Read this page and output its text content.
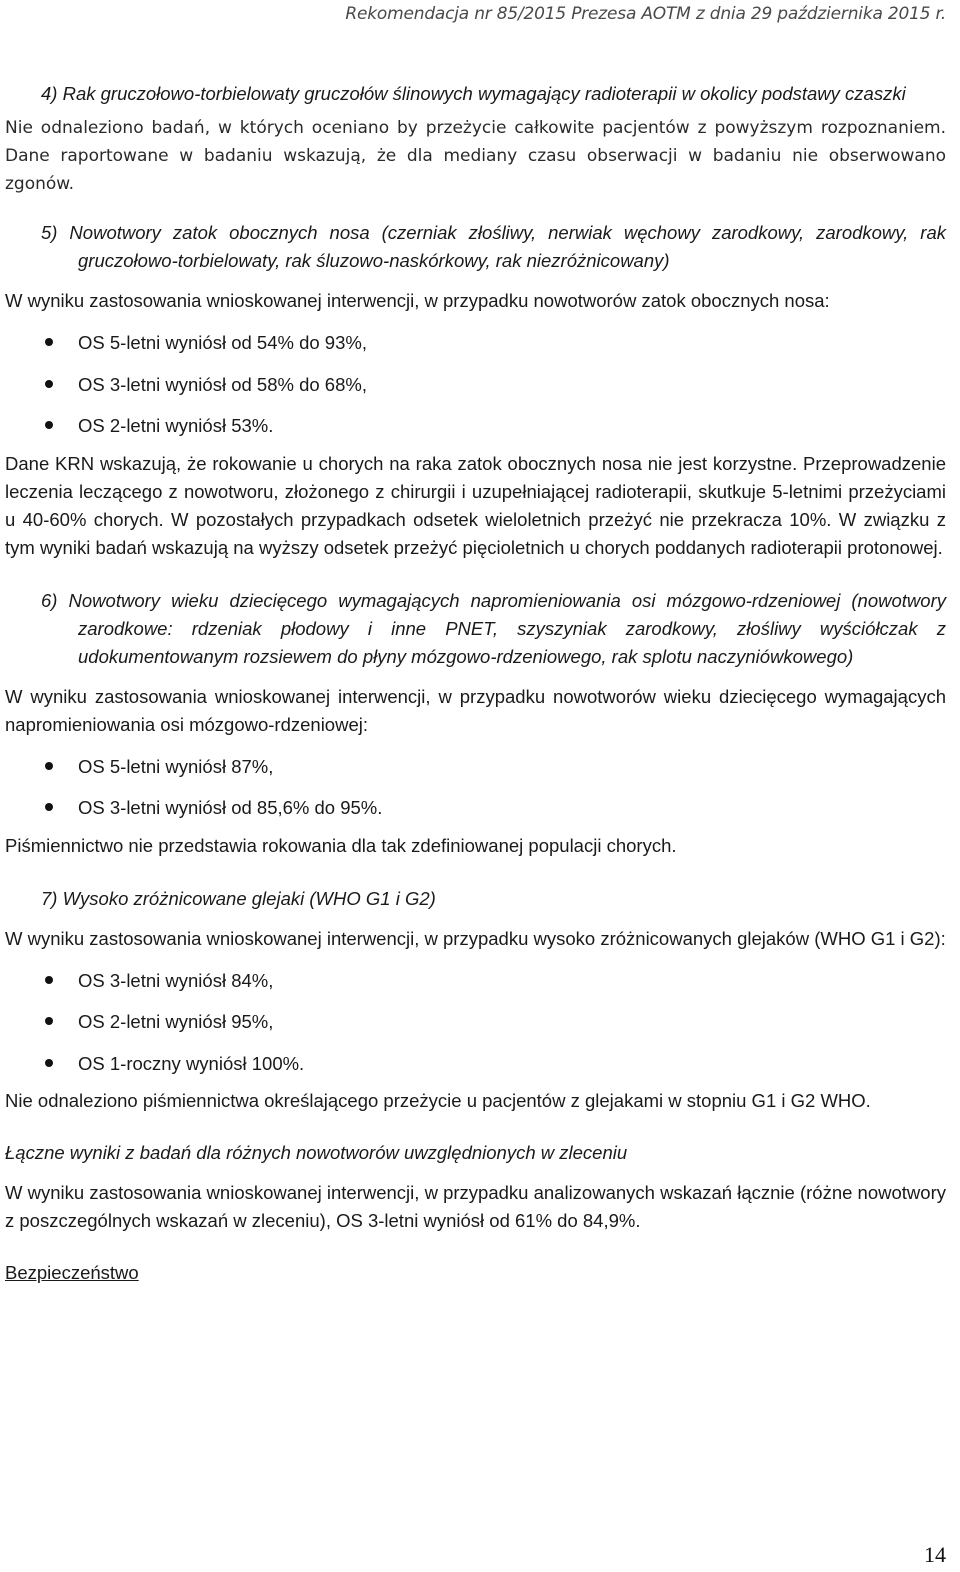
Rekomendacja nr 85/2015 Prezesa AOTM z dnia 29 października 2015 r.

4) Rak gruczołowo-torbielowaty gruczołów ślinowych wymagający radioterapii w okolicy podstawy czaszki

Nie odnaleziono badań, w których oceniano by przeżycie całkowite pacjentów z powyższym rozpoznaniem. Dane raportowane w badaniu wskazują, że dla mediany czasu obserwacji w badaniu nie obserwowano zgonów.

5) Nowotwory zatok obocznych nosa (czerniak złośliwy, nerwiak węchowy zarodkowy, zarodkowy, rak gruczołowo-torbielowaty, rak śluzowo-naskórkowy, rak niezróżnicowany)

W wyniku zastosowania wnioskowanej interwencji, w przypadku nowotworów zatok obocznych nosa:

OS 5-letni wyniósł od 54% do 93%,
OS 3-letni wyniósł od 58% do 68%,
OS 2-letni wyniósł 53%.

Dane KRN wskazują, że rokowanie u chorych na raka zatok obocznych nosa nie jest korzystne. Przeprowadzenie leczenia leczącego z nowotworu, złożonego z chirurgii i uzupełniającej radioterapii, skutkuje 5-letnimi przeżyciami u 40-60% chorych. W pozostałych przypadkach odsetek wieloletnich przeżyć nie przekracza 10%. W związku z tym wyniki badań wskazują na wyższy odsetek przeżyć pięcioletnich u chorych poddanych radioterapii protonowej.

6) Nowotwory wieku dziecięcego wymagających napromieniowania osi mózgowo-rdzeniowej (nowotwory zarodkowe: rdzeniak płodowy i inne PNET, szyszyniak zarodkowy, złośliwy wyściółczak z udokumentowanym rozsiewem do płyny mózgowo-rdzeniowego, rak splotu naczyniówkowego)

W wyniku zastosowania wnioskowanej interwencji, w przypadku nowotworów wieku dziecięcego wymagających napromieniowania osi mózgowo-rdzeniowej:

OS 5-letni wyniósł 87%,
OS 3-letni wyniósł od 85,6% do 95%.

Piśmiennictwo nie przedstawia rokowania dla tak zdefiniowanej populacji chorych.

7) Wysoko zróżnicowane glejaki (WHO G1 i G2)

W wyniku zastosowania wnioskowanej interwencji, w przypadku wysoko zróżnicowanych glejaków (WHO G1 i G2):

OS 3-letni wyniósł 84%,
OS 2-letni wyniósł 95%,
OS 1-roczny wyniósł 100%.

Nie odnaleziono piśmiennictwa określającego przeżycie u pacjentów z glejakami w stopniu G1 i G2 WHO.

Łączne wyniki z badań dla różnych nowotworów uwzględnionych w zleceniu

W wyniku zastosowania wnioskowanej interwencji, w przypadku analizowanych wskazań łącznie (różne nowotwory z poszczególnych wskazań w zleceniu), OS 3-letni wyniósł od 61% do 84,9%.

Bezpieczeństwo

14
